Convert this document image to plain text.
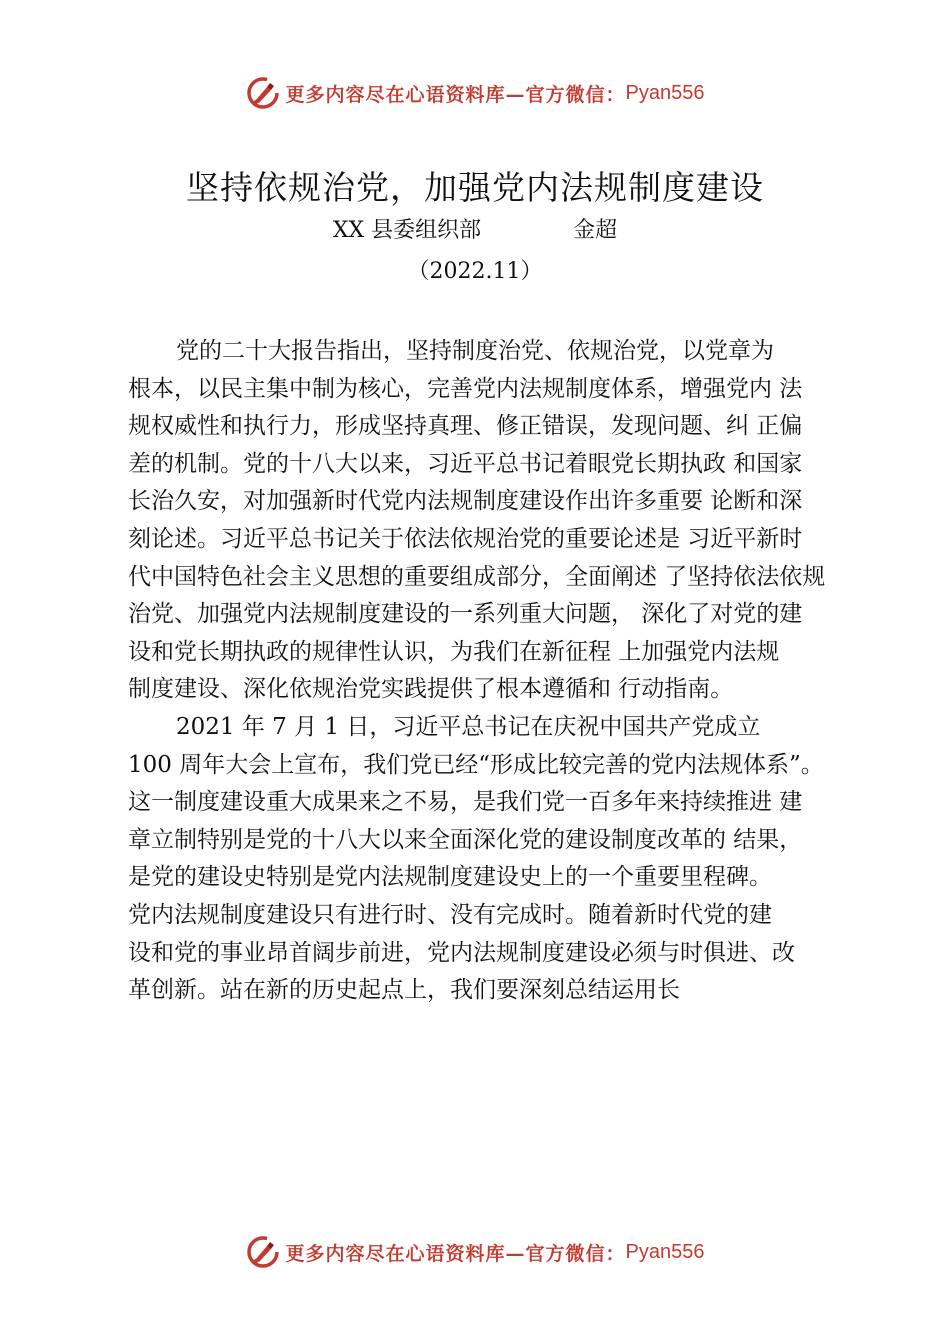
更多内容尽在心语资料库—官方微信： Pyan556
坚持依规治党，加强党内法规制度建设
XX 县委组织部	金超
（2022.11）
党的二十大报告指出，坚持制度治党、依规治党，以党章为
根本，以民主集中制为核心，完善党内法规制度体系，增强党内 法
规权威性和执行力，形成坚持真理、修正错误，发现问题、纠 正偏
差的机制。党的十八大以来，习近平总书记着眼党长期执政 和国家
长治久安，对加强新时代党内法规制度建设作出许多重要 论断和深
刻论述。习近平总书记关于依法依规治党的重要论述是 习近平新时
代中国特色社会主义思想的重要组成部分，全面阐述 了坚持依法依规
治党、加强党内法规制度建设的一系列重大问题， 深化了对党的建
设和党长期执政的规律性认识，为我们在新征程 上加强党内法规
制度建设、深化依规治党实践提供了根本遵循和 行动指南。
2021 年 7 月 1 日，习近平总书记在庆祝中国共产党成立
100 周年大会上宣布，我们党已经“形成比较完善的党内法规体系”。
这一制度建设重大成果来之不易，是我们党一百多年来持续推进 建
章立制特别是党的十八大以来全面深化党的建设制度改革的 结果，
是党的建设史特别是党内法规制度建设史上的一个重要里程碑。
党内法规制度建设只有进行时、没有完成时。随着新时代党的建
设和党的事业昂首阔步前进，党内法规制度建设必须与时俱进、改
革创新。站在新的历史起点上，我们要深刻总结运用长
更多内容尽在心语资料库—官方微信： Pyan556
